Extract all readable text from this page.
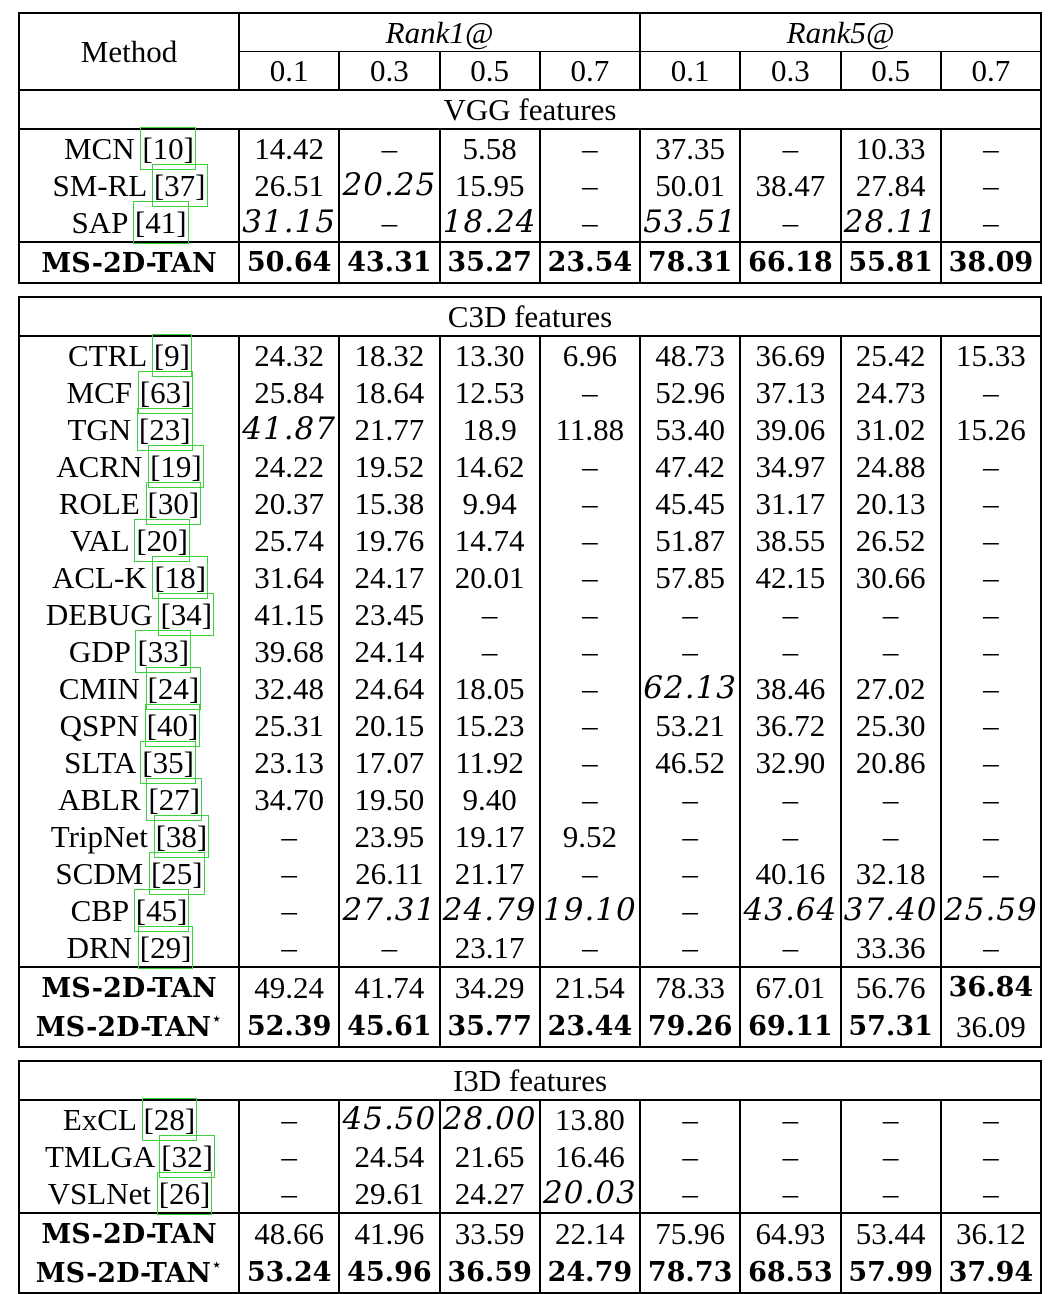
Method	Rank1@				Rank5@			
	0.1	0.3	0.5	0.7	0.1	0.3	0.5	0.7
VGG features								
MCN [10]	14.42	–	5.58	–	37.35	–	10.33	–
SM-RL [37]	26.51	20.25	15.95	–	50.01	38.47	27.84	–
SAP [41]	31.15	–	18.24	–	53.51	–	28.11	–
MS-2D-TAN	50.64	43.31	35.27	23.54	78.31	66.18	55.81	38.09

C3D features								
CTRL [9]	24.32	18.32	13.30	6.96	48.73	36.69	25.42	15.33
MCF [63]	25.84	18.64	12.53	–	52.96	37.13	24.73	–
TGN [23]	41.87	21.77	18.9	11.88	53.40	39.06	31.02	15.26
ACRN [19]	24.22	19.52	14.62	–	47.42	34.97	24.88	–
ROLE [30]	20.37	15.38	9.94	–	45.45	31.17	20.13	–
VAL [20]	25.74	19.76	14.74	–	51.87	38.55	26.52	–
ACL-K [18]	31.64	24.17	20.01	–	57.85	42.15	30.66	–
DEBUG [34]	41.15	23.45	–	–	–	–	–	–
GDP [33]	39.68	24.14	–	–	–	–	–	–
CMIN [24]	32.48	24.64	18.05	–	62.13	38.46	27.02	–
QSPN [40]	25.31	20.15	15.23	–	53.21	36.72	25.30	–
SLTA [35]	23.13	17.07	11.92	–	46.52	32.90	20.86	–
ABLR [27]	34.70	19.50	9.40	–	–	–	–	–
TripNet [38]	–	23.95	19.17	9.52	–	–	–	–
SCDM [25]	–	26.11	21.17	–	–	40.16	32.18	–
CBP [45]	–	27.31	24.79	19.10	–	43.64	37.40	25.59
DRN [29]	–	–	23.17	–	–	–	33.36	–
MS-2D-TAN	49.24	41.74	34.29	21.54	78.33	67.01	56.76	36.84
MS-2D-TAN⋆	52.39	45.61	35.77	23.44	79.26	69.11	57.31	36.09

I3D features								
ExCL [28]	–	45.50	28.00	13.80	–	–	–	–
TMLGA [32]	–	24.54	21.65	16.46	–	–	–	–
VSLNet [26]	–	29.61	24.27	20.03	–	–	–	–
MS-2D-TAN	48.66	41.96	33.59	22.14	75.96	64.93	53.44	36.12
MS-2D-TAN⋆	53.24	45.96	36.59	24.79	78.73	68.53	57.99	37.94
